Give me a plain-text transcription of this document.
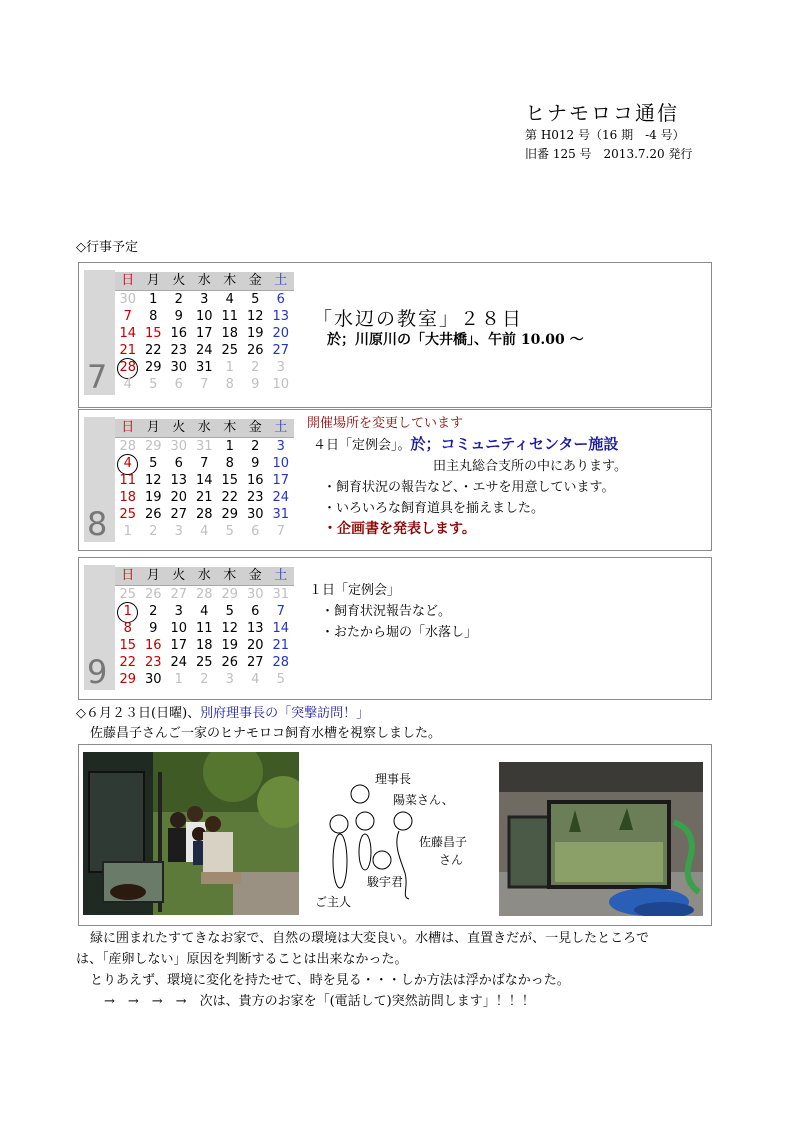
ヒナモロコ通信
第 H012 号（16 期　-4 号）
旧番 125 号　2013.7.20 発行
◇行事予定
7
日 月 火 水 木 金 土
30	1	2	3	4	5	6
7	8	9	10 11 12 13
14 15 16 17 18 19 20
21 22 23 24 25 26 27
28 29 30 31	1	2	3
4	5	6	7	8	9	10
「水辺の教室」２８日
於；川原川の「大井橋」、午前 10.00 ～
8
日 月 火 水 木 金 土
28 29 30 31	1	2	3
4	5	6	7	8	9	10
11 12 13 14 15 16 17
18 19 20 21 22 23 24
25 26 27 28 29 30 31
1	2	3	4	5	6	7
開催場所を変更しています
４日「定例会」。於；コミュニティセンター施設
田主丸総合支所の中にあります。
・飼育状況の報告など、・エサを用意しています。
・いろいろな飼育道具を揃えました。
・企画書を発表します。
9
日 月 火 水 木 金 土
25 26 27 28 29 30 31
1	2	3	4	5	6	7
8	9	10 11 12 13 14
15 16 17 18 19 20 21
22 23 24 25 26 27 28
29 30	1	2	3	4	5
１日「定例会」
・飼育状況報告など。
・おたから堀の「水落し」
◇６月２３日(日曜)、別府理事長の「突撃訪問！」
佐藤昌子さんご一家のヒナモロコ飼育水槽を視察しました。
理事長
陽菜さん、
佐藤昌子
さん
駿宇君
ご主人
緑に囲まれたすてきなお家で、自然の環境は大変良い。水槽は、直置きだが、一見したところで
は、「産卵しない」原因を判断することは出来なかった。
とりあえず、環境に変化を持たせて、時を見る・・・しか方法は浮かばなかった。
→　→　→　→　次は、貴方のお家を「(電話して)突然訪問します」！！！
